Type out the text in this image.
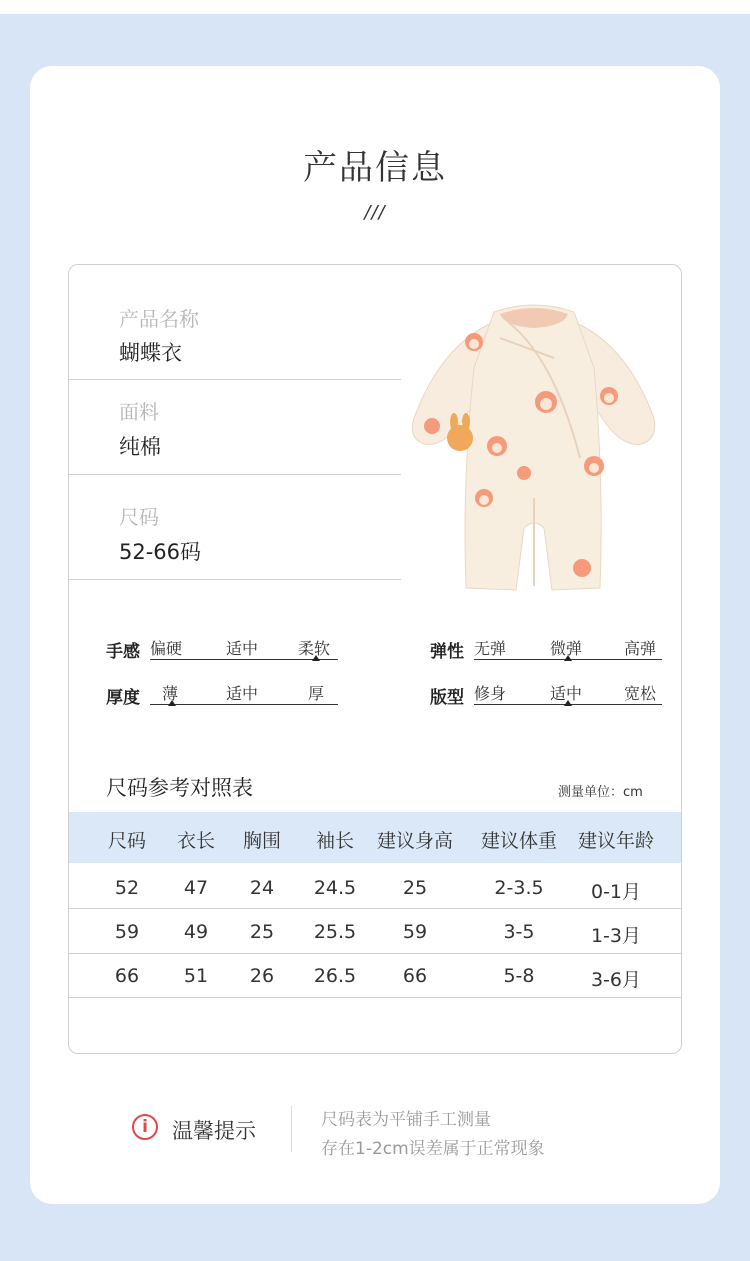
产品信息
///
产品名称
蝴蝶衣
面料
纯棉
尺码
52-66码
手感 偏硬	适中 柔软	弹性 无弹	微弹	高弹
厚度 薄	适中	厚	版型 修身	适中	宽松
尺码参考对照表	测量单位：cm
尺码	衣长	胸围	袖长	建议身高	建议体重	建议年龄
52	47	24	24.5	25	2-3.5	0-1月
59	49	25	25.5	59	3-5	1-3月
66	51	26	26.5	66	5-8	3-6月
i	温馨提示	尺码表为平铺手工测量
存在1-2cm误差属于正常现象
